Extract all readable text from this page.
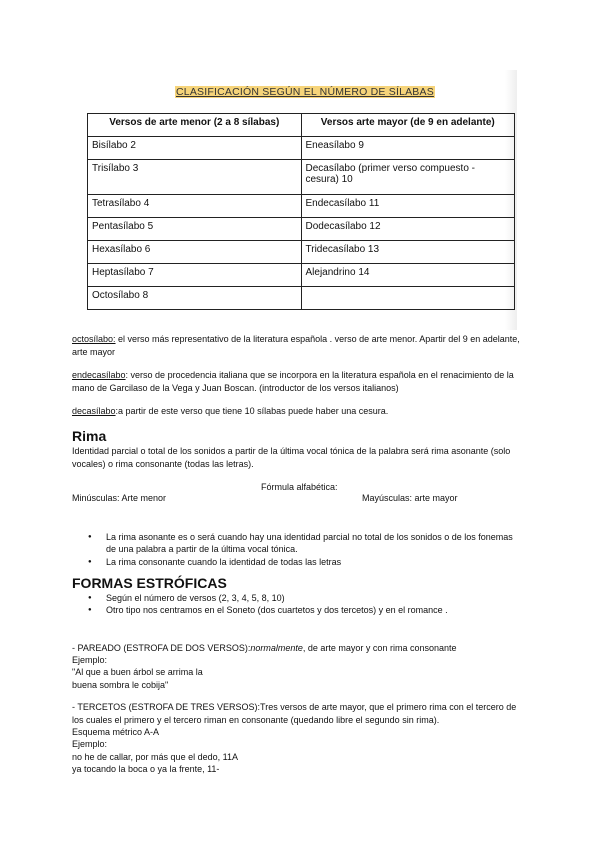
CLASIFICACIÓN SEGÚN EL NÚMERO DE SÍLABAS
Versos de arte menor (2 a 8 sílabas)	Versos arte mayor (de 9 en adelante)
Bisílabo 2	Eneasílabo 9
Trisílabo 3	Decasílabo (primer verso compuesto - cesura) 10
Tetrasílabo 4	Endecasílabo 11
Pentasílabo 5	Dodecasílabo 12
Hexasílabo 6	Tridecasílabo 13
Heptasílabo 7	Alejandrino 14
Octosílabo 8	
octosílabo: el verso más representativo de la literatura española . verso de arte menor. Apartir del 9 en adelante,
arte mayor
endecasílabo: verso de procedencia italiana que se incorpora en la literatura española en el renacimiento de la
mano de Garcilaso de la Vega y Juan Boscan. (introductor de los versos italianos)
decasílabo:a partir de este verso que tiene 10 sílabas puede haber una cesura.
Rima
Identidad parcial o total de los sonidos a partir de la última vocal tónica de la palabra será rima asonante (solo
vocales) o rima consonante (todas las letras).
Fórmula alfabética:
Minúsculas: Arte menor	Mayúsculas: arte mayor
● La rima asonante es o será cuando hay una identidad parcial no total de los sonidos o de los fonemas
de una palabra a partir de la última vocal tónica.
● La rima consonante cuando la identidad de todas las letras
FORMAS ESTRÓFICAS
● Según el número de versos (2, 3, 4, 5, 8, 10)
● Otro tipo nos centramos en el Soneto (dos cuartetos y dos tercetos) y en el romance .
- PAREADO (ESTROFA DE DOS VERSOS):normalmente, de arte mayor y con rima consonante
Ejemplo:
"Al que a buen árbol se arrima la
buena sombra le cobija"
- TERCETOS (ESTROFA DE TRES VERSOS):Tres versos de arte mayor, que el primero rima con el tercero de
los cuales el primero y el tercero riman en consonante (quedando libre el segundo sin rima).
Esquema métrico A-A
Ejemplo:
no he de callar, por más que el dedo, 11A
ya tocando la boca o ya la frente, 11-
